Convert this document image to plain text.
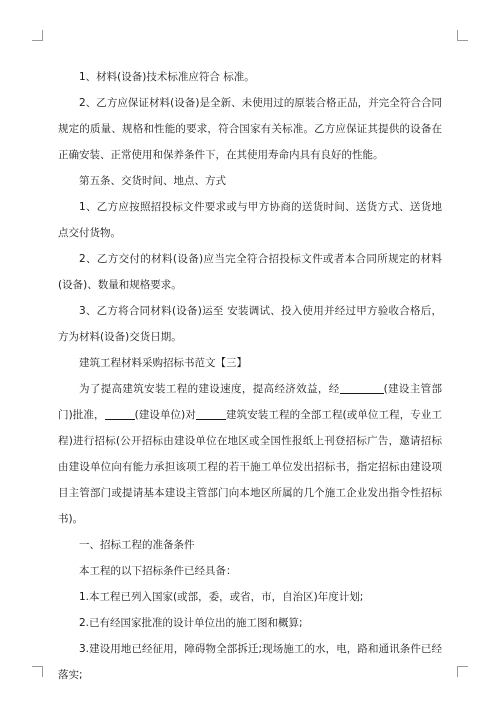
1、材料(设备)技术标准应符合 标准。

2、乙方应保证材料(设备)是全新、未使用过的原装合格正品，并完全符合合同规定的质量、规格和性能的要求，符合国家有关标准。乙方应保证其提供的设备在正确安装、正常使用和保养条件下，在其使用寿命内具有良好的性能。

第五条、交货时间、地点、方式

1、乙方应按照招投标文件要求或与甲方协商的送货时间、送货方式、送货地点交付货物。

2、乙方交付的材料(设备)应当完全符合招投标文件或者本合同所规定的材料(设备)、数量和规格要求。

3、乙方将合同材料(设备)运至 安装调试、投入使用并经过甲方验收合格后，方为材料(设备)交货日期。

建筑工程材料采购招标书范文【三】

为了提高建筑安装工程的建设速度，提高经济效益，经	(建设主管部门)批准，	(建设单位)对	建筑安装工程的全部工程(或单位工程，专业工程)进行招标(公开招标由建设单位在地区或全国性报纸上刊登招标广告，邀请招标由建设单位向有能力承担该项工程的若干施工单位发出招标书，指定招标由建设项目主管部门或提请基本建设主管部门向本地区所属的几个施工企业发出指令性招标书)。

一、招标工程的准备条件

本工程的以下招标条件已经具备：

1.本工程已列入国家(或部，委，或省，市，自治区)年度计划;

2.已有经国家批准的设计单位出的施工图和概算;

3.建设用地已经征用，障碍物全部拆迁;现场施工的水，电，路和通讯条件已经落实;
